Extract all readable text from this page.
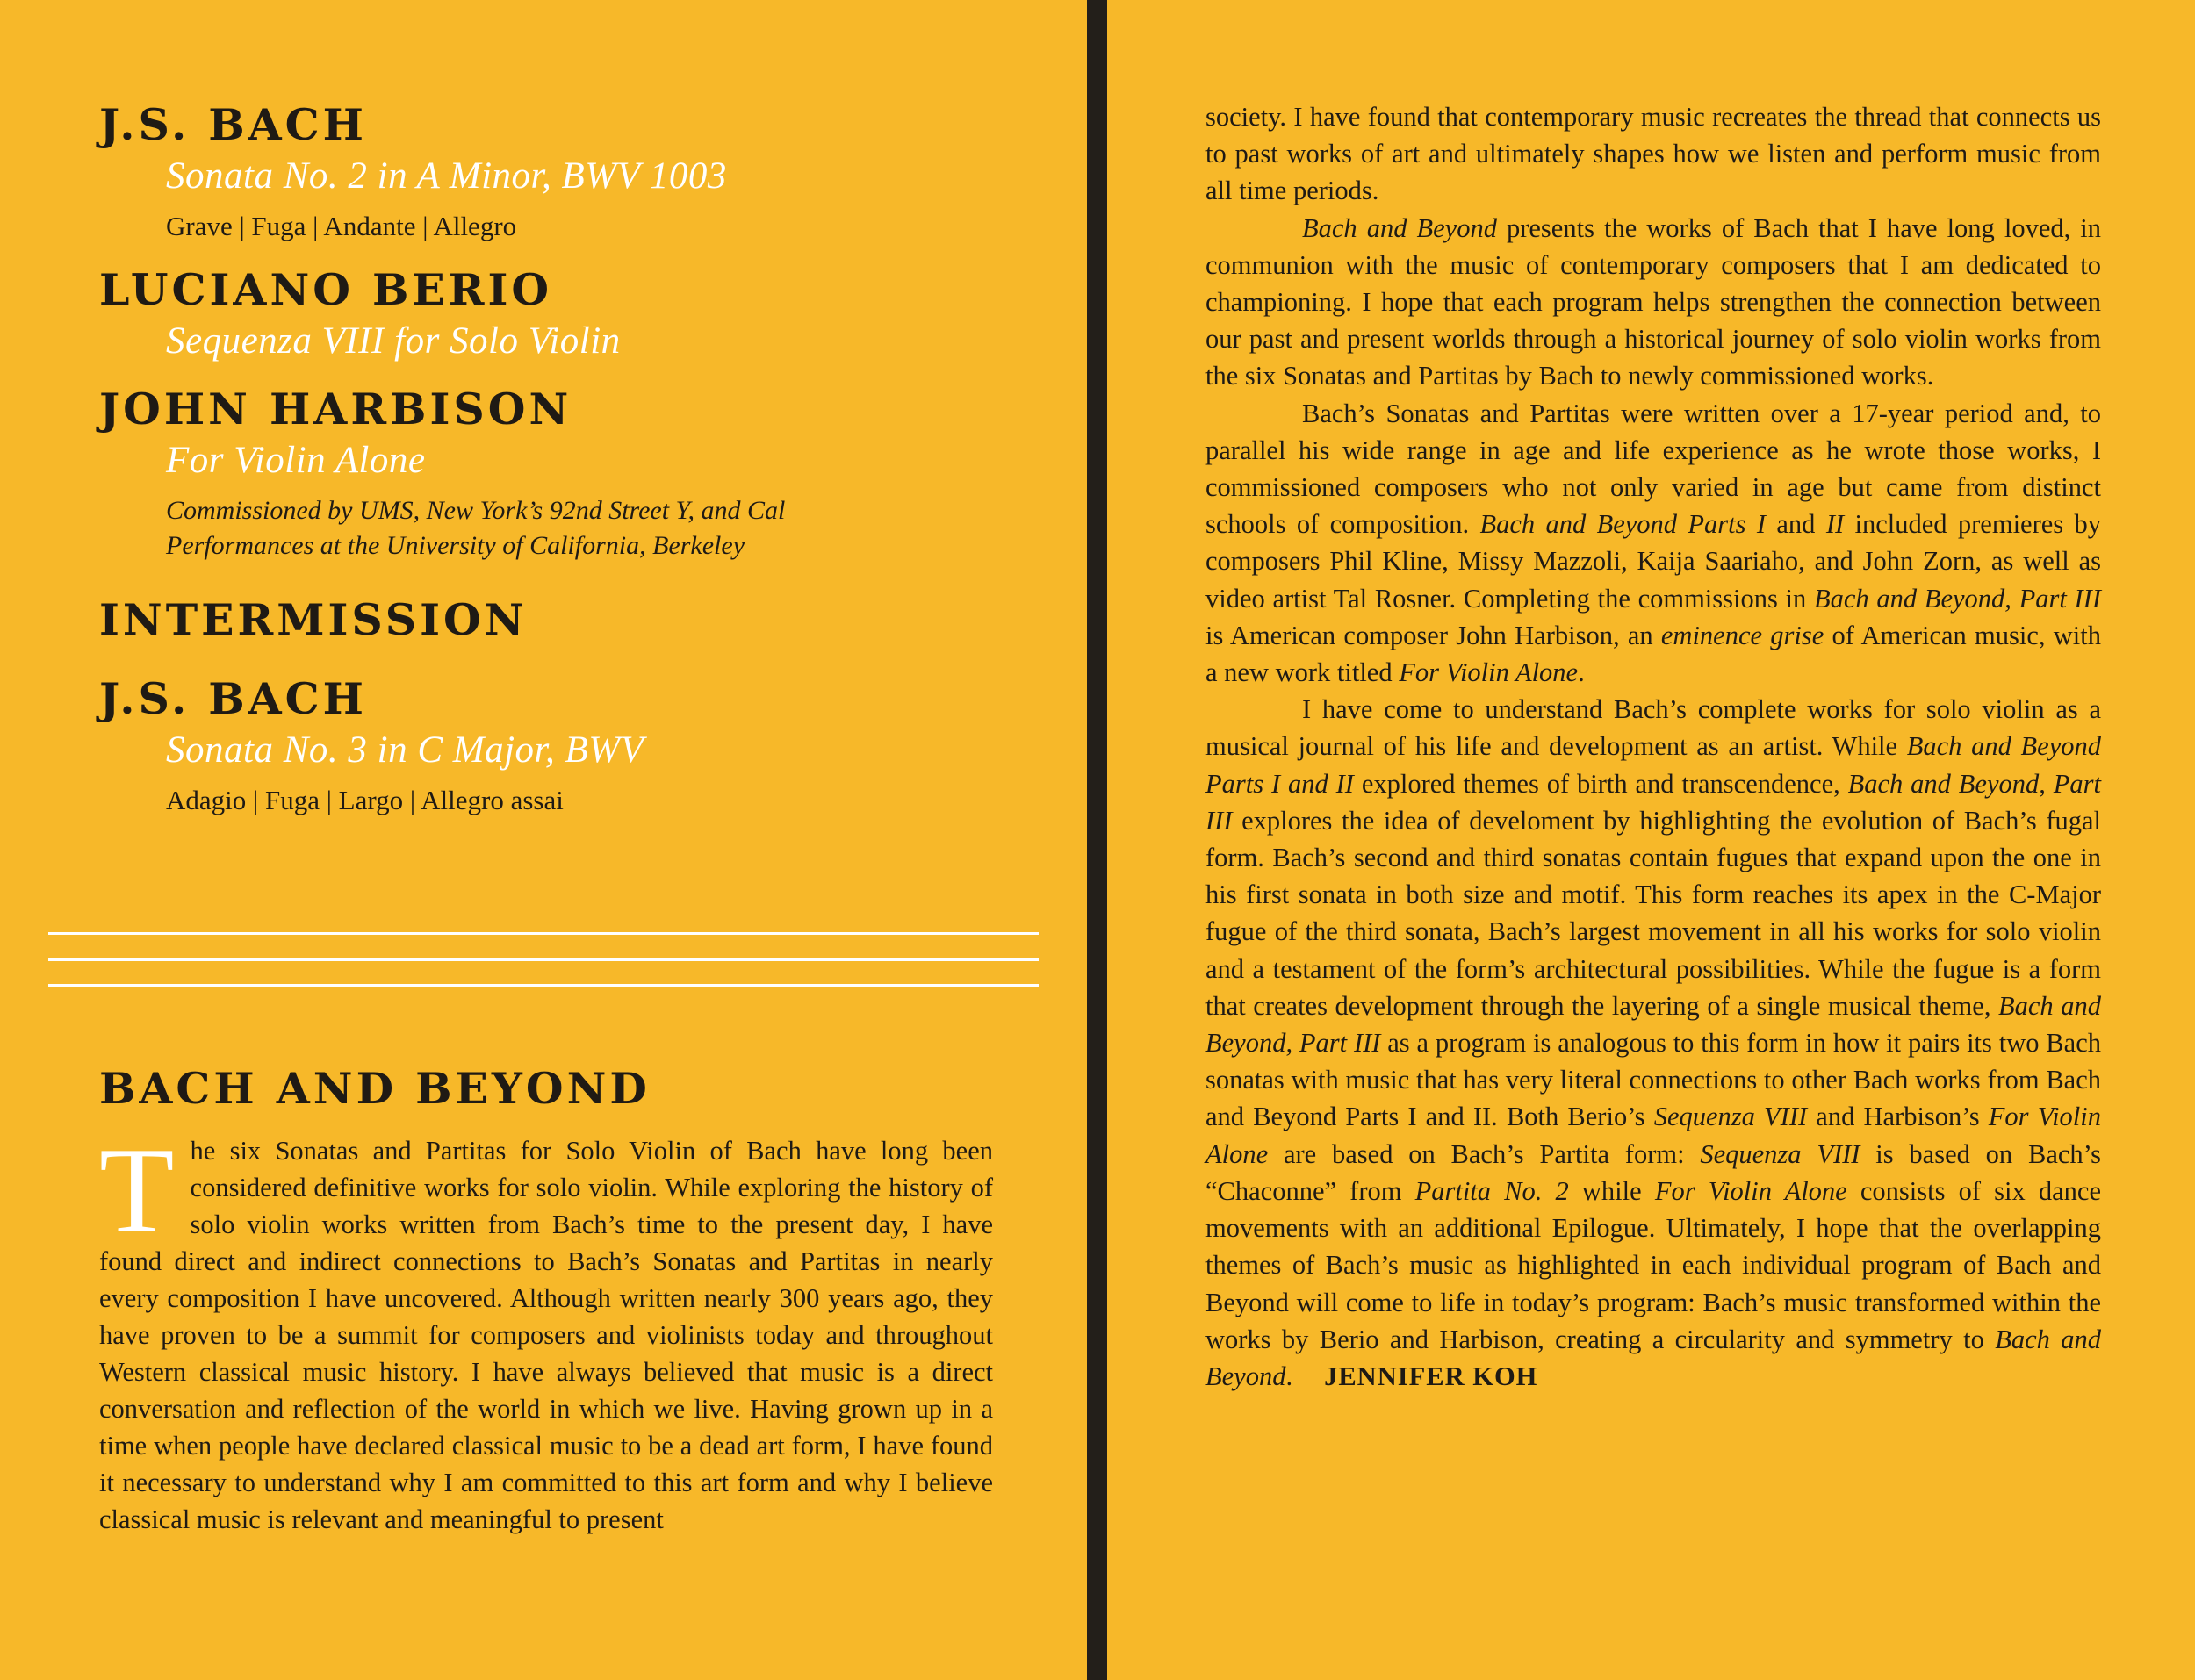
J.S. BACH
Sonata No. 2 in A Minor, BWV 1003
Grave | Fuga | Andante | Allegro
LUCIANO BERIO
Sequenza VIII for Solo Violin
JOHN HARBISON
For Violin Alone
Commissioned by UMS, New York’s 92nd Street Y, and Cal
Performances at the University of California, Berkeley
INTERMISSION
J.S. BACH
Sonata No. 3 in C Major, BWV
Adagio | Fuga | Largo | Allegro assai
BACH AND BEYOND

The six Sonatas and Partitas for Solo Violin of Bach have long been considered definitive works for solo violin. While exploring the history of solo violin works written from Bach’s time to the present day, I have found direct and indirect connections to Bach’s Sonatas and Partitas in nearly every composition I have uncovered. Although written nearly 300 years ago, they have proven to be a summit for composers and violinists today and throughout Western classical music history. I have always believed that music is a direct conversation and reflection of the world in which we live. Having grown up in a time when people have declared classical music to be a dead art form, I have found it necessary to understand why I am committed to this art form and why I believe classical music is relevant and meaningful to present

society. I have found that contemporary music recreates the thread that connects us to past works of art and ultimately shapes how we listen and perform music from all time periods.

Bach and Beyond presents the works of Bach that I have long loved, in communion with the music of contemporary composers that I am dedicated to championing. I hope that each program helps strengthen the connection between our past and present worlds through a historical journey of solo violin works from the six Sonatas and Partitas by Bach to newly commissioned works.

Bach’s Sonatas and Partitas were written over a 17-year period and, to parallel his wide range in age and life experience as he wrote those works, I commissioned composers who not only varied in age but came from distinct schools of composition. Bach and Beyond Parts I and II included premieres by composers Phil Kline, Missy Mazzoli, Kaija Saariaho, and John Zorn, as well as video artist Tal Rosner. Completing the commissions in Bach and Beyond, Part III is American composer John Harbison, an eminence grise of American music, with a new work titled For Violin Alone.

I have come to understand Bach’s complete works for solo violin as a musical journal of his life and development as an artist. While Bach and Beyond Parts I and II explored themes of birth and transcendence, Bach and Beyond, Part III explores the idea of develoment by highlighting the evolution of Bach’s fugal form. Bach’s second and third sonatas contain fugues that expand upon the one in his first sonata in both size and motif. This form reaches its apex in the C-Major fugue of the third sonata, Bach’s largest movement in all his works for solo violin and a testament of the form’s architectural possibilities. While the fugue is a form that creates development through the layering of a single musical theme, Bach and Beyond, Part III as a program is analogous to this form in how it pairs its two Bach sonatas with music that has very literal connections to other Bach works from Bach and Beyond Parts I and II. Both Berio’s Sequenza VIII and Harbison’s For Violin Alone are based on Bach’s Partita form: Sequenza VIII is based on Bach’s “Chaconne” from Partita No. 2 while For Violin Alone consists of six dance movements with an additional Epilogue. Ultimately, I hope that the overlapping themes of Bach’s music as highlighted in each individual program of Bach and Beyond will come to life in today’s program: Bach’s music transformed within the works by Berio and Harbison, creating a circularity and symmetry to Bach and Beyond. JENNIFER KOH
